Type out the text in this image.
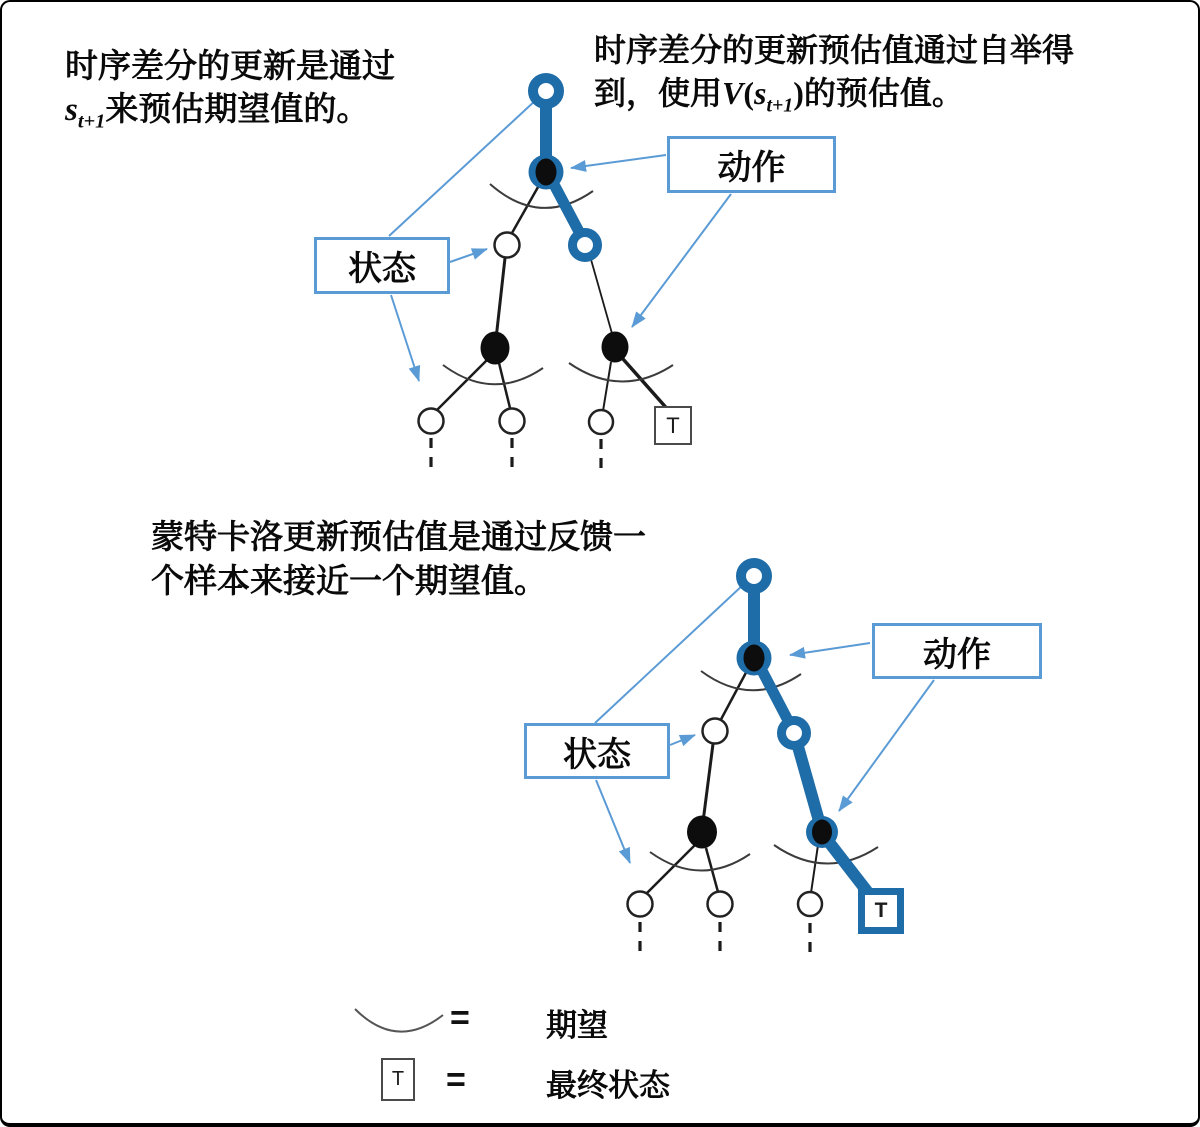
时序差分的更新是通过
$s_{t+1}$来预估期望值的。
时序差分的更新预估值通过自举得
到，使用$V(s_{t+1})$的预估值。
蒙特卡洛更新预估值是通过反馈一
个样本来接近一个期望值。
状态
动作
状态
动作
T
T
= 期望
T	=	最终状态
